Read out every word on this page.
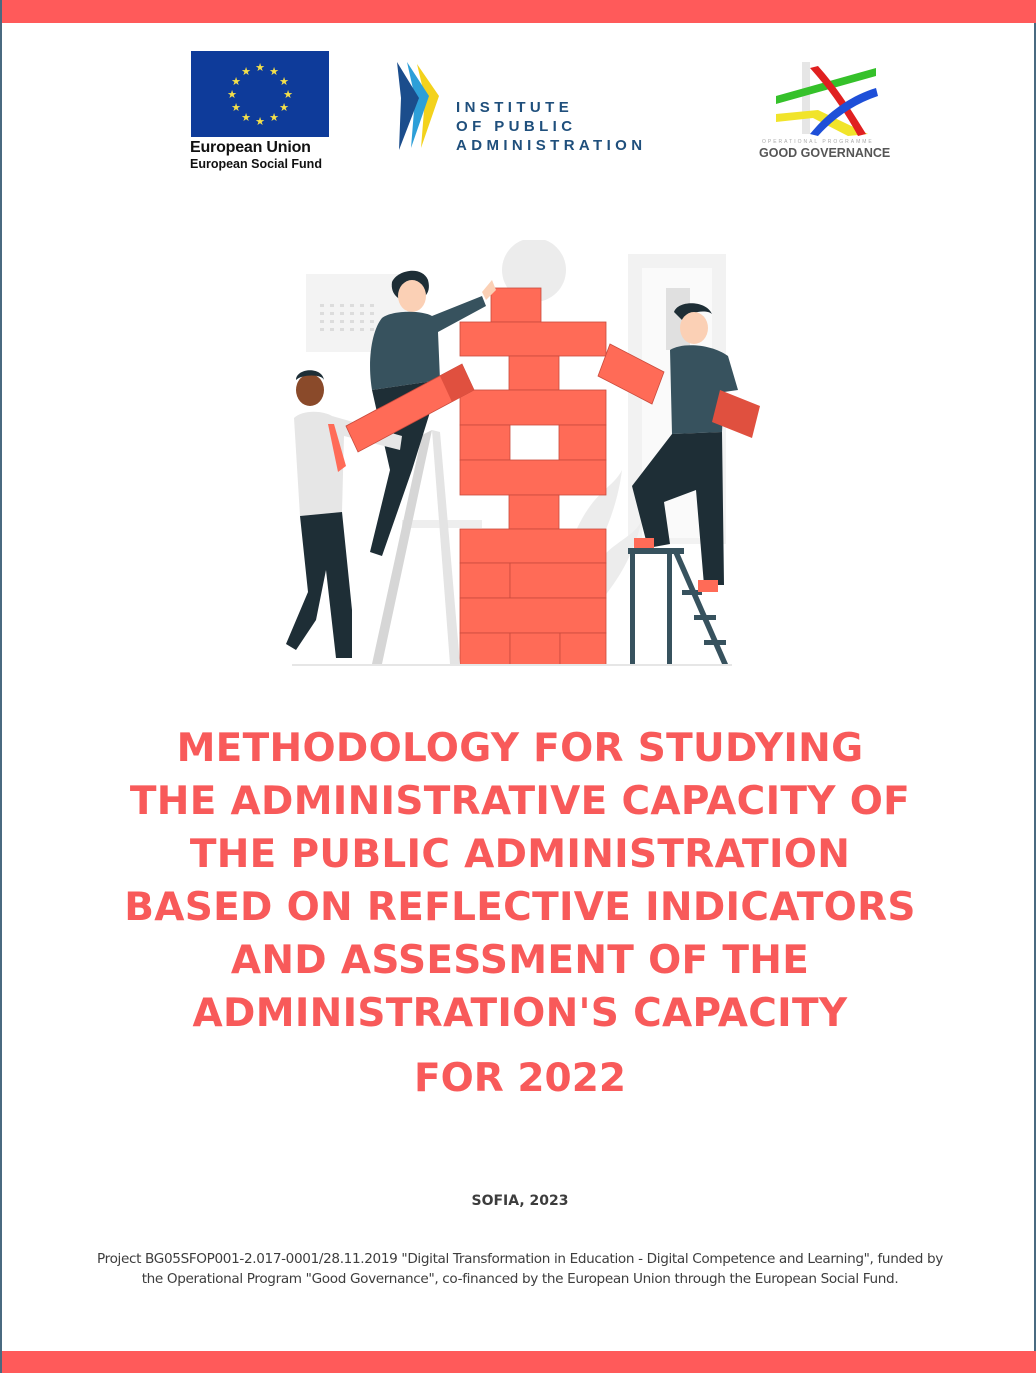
★ ★
★
★
★
★
★
★
★
★
★
★
European Union
European Social Fund
INSTITUTE
OF PUBLIC
ADMINISTRATION	OPERATIONAL PROGRAMME
GOOD GOVERNANCE
METHODOLOGY FOR STUDYING
THE ADMINISTRATIVE CAPACITY OF
THE PUBLIC ADMINISTRATION
BASED ON REFLECTIVE INDICATORS
AND ASSESSMENT OF THE
ADMINISTRATION'S CAPACITY
FOR 2022
SOFIA, 2023
Project BG05SFOP001-2.017-0001/28.11.2019 "Digital Transformation in Education - Digital Competence and Learning", funded by
the Operational Program "Good Governance", co-financed by the European Union through the European Social Fund.
